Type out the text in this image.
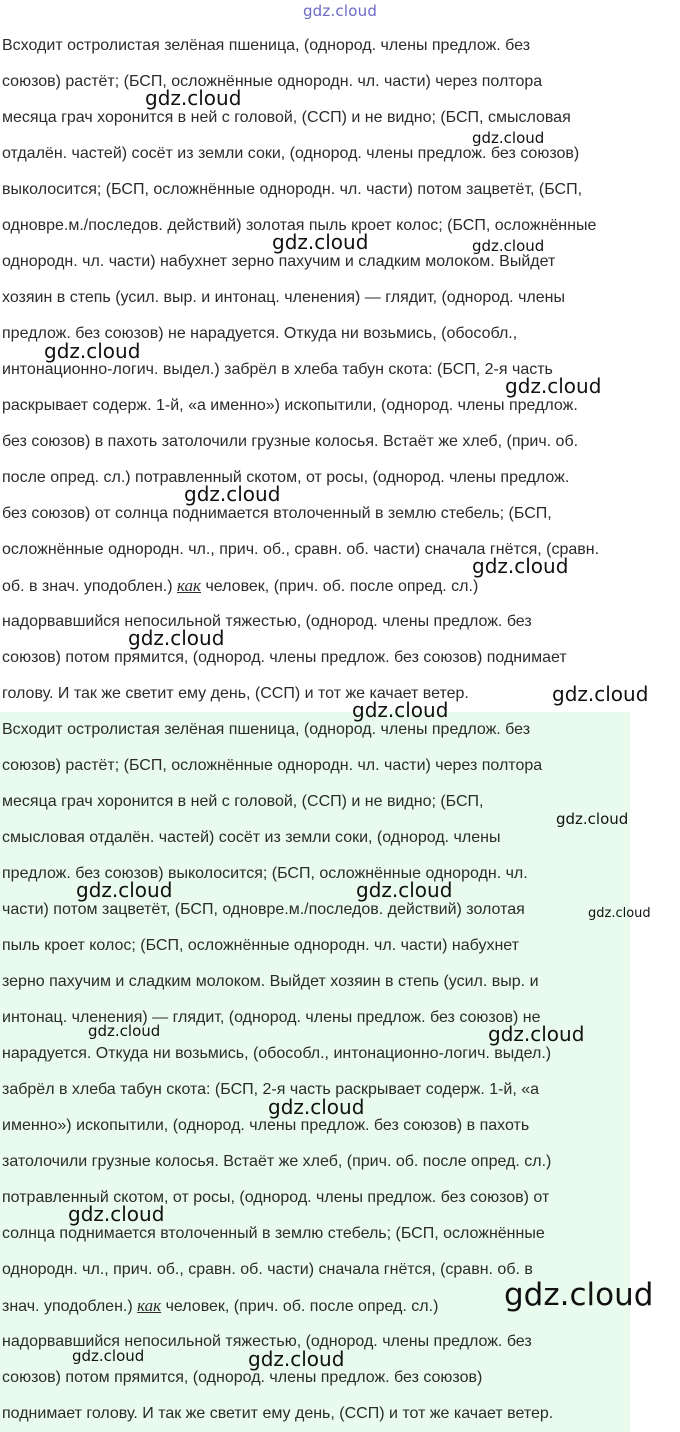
gdz.cloud
Всходит остролистая зелёная пшеница, (однород. члены предлож. без
союзов) растёт; (БСП, осложнённые однородн. чл. части) через полтора
месяца грач хоронится в ней с головой, (ССП) и не видно; (БСП, смысловая
отдалён. частей) сосёт из земли соки, (однород. члены предлож. без союзов)
выколосится; (БСП, осложнённые однородн. чл. части) потом зацветёт, (БСП,
одновре.м./последов. действий) золотая пыль кроет колос; (БСП, осложнённые
однородн. чл. части) набухнет зерно пахучим и сладким молоком. Выйдет
хозяин в степь (усил. выр. и интонац. членения) — глядит, (однород. члены
предлож. без союзов) не нарадуется. Откуда ни возьмись, (обособл.,
интонационно-логич. выдел.) забрёл в хлеба табун скота: (БСП, 2-я часть
раскрывает содерж. 1-й, «а именно») ископытили, (однород. члены предлож.
без союзов) в пахоть затолочили грузные колосья. Встаёт же хлеб, (прич. об.
после опред. сл.) потравленный скотом, от росы, (однород. члены предлож.
без союзов) от солнца поднимается втолоченный в землю стебель; (БСП,
осложнённые однородн. чл., прич. об., сравн. об. части) сначала гнётся, (сравн.
об. в знач. уподоблен.) как человек, (прич. об. после опред. сл.)
надорвавшийся непосильной тяжестью, (однород. члены предлож. без
союзов) потом прямится, (однород. члены предлож. без союзов) поднимает
голову. И так же светит ему день, (ССП) и тот же качает ветер.
Всходит остролистая зелёная пшеница, (однород. члены предлож. без
союзов) растёт; (БСП, осложнённые однородн. чл. части) через полтора
месяца грач хоронится в ней с головой, (ССП) и не видно; (БСП,
смысловая отдалён. частей) сосёт из земли соки, (однород. члены
предлож. без союзов) выколосится; (БСП, осложнённые однородн. чл.
части) потом зацветёт, (БСП, одновре.м./последов. действий) золотая
пыль кроет колос; (БСП, осложнённые однородн. чл. части) набухнет
зерно пахучим и сладким молоком. Выйдет хозяин в степь (усил. выр. и
интонац. членения) — глядит, (однород. члены предлож. без союзов) не
нарадуется. Откуда ни возьмись, (обособл., интонационно-логич. выдел.)
забрёл в хлеба табун скота: (БСП, 2-я часть раскрывает содерж. 1-й, «а
именно») ископытили, (однород. члены предлож. без союзов) в пахоть
затолочили грузные колосья. Встаёт же хлеб, (прич. об. после опред. сл.)
потравленный скотом, от росы, (однород. члены предлож. без союзов) от
солнца поднимается втолоченный в землю стебель; (БСП, осложнённые
однородн. чл., прич. об., сравн. об. части) сначала гнётся, (сравн. об. в
знач. уподоблен.) как человек, (прич. об. после опред. сл.)
надорвавшийся непосильной тяжестью, (однород. члены предлож. без
союзов) потом прямится, (однород. члены предлож. без союзов)
поднимает голову. И так же светит ему день, (ССП) и тот же качает ветер.
gdz.cloud
gdz.cloud
gdz.cloud	gdz.cloud
gdz.cloud
gdz.cloud
gdz.cloud
gdz.cloud
gdz.cloud
gdz.cloud
gdz.cloud
gdz.cloud
gdz.cloud	gdz.cloud
gdz.cloud
gdz.cloud	gdz.cloud
gdz.cloud
gdz.cloud
gdz.cloud
gdz.cloud	gdz.cloud
